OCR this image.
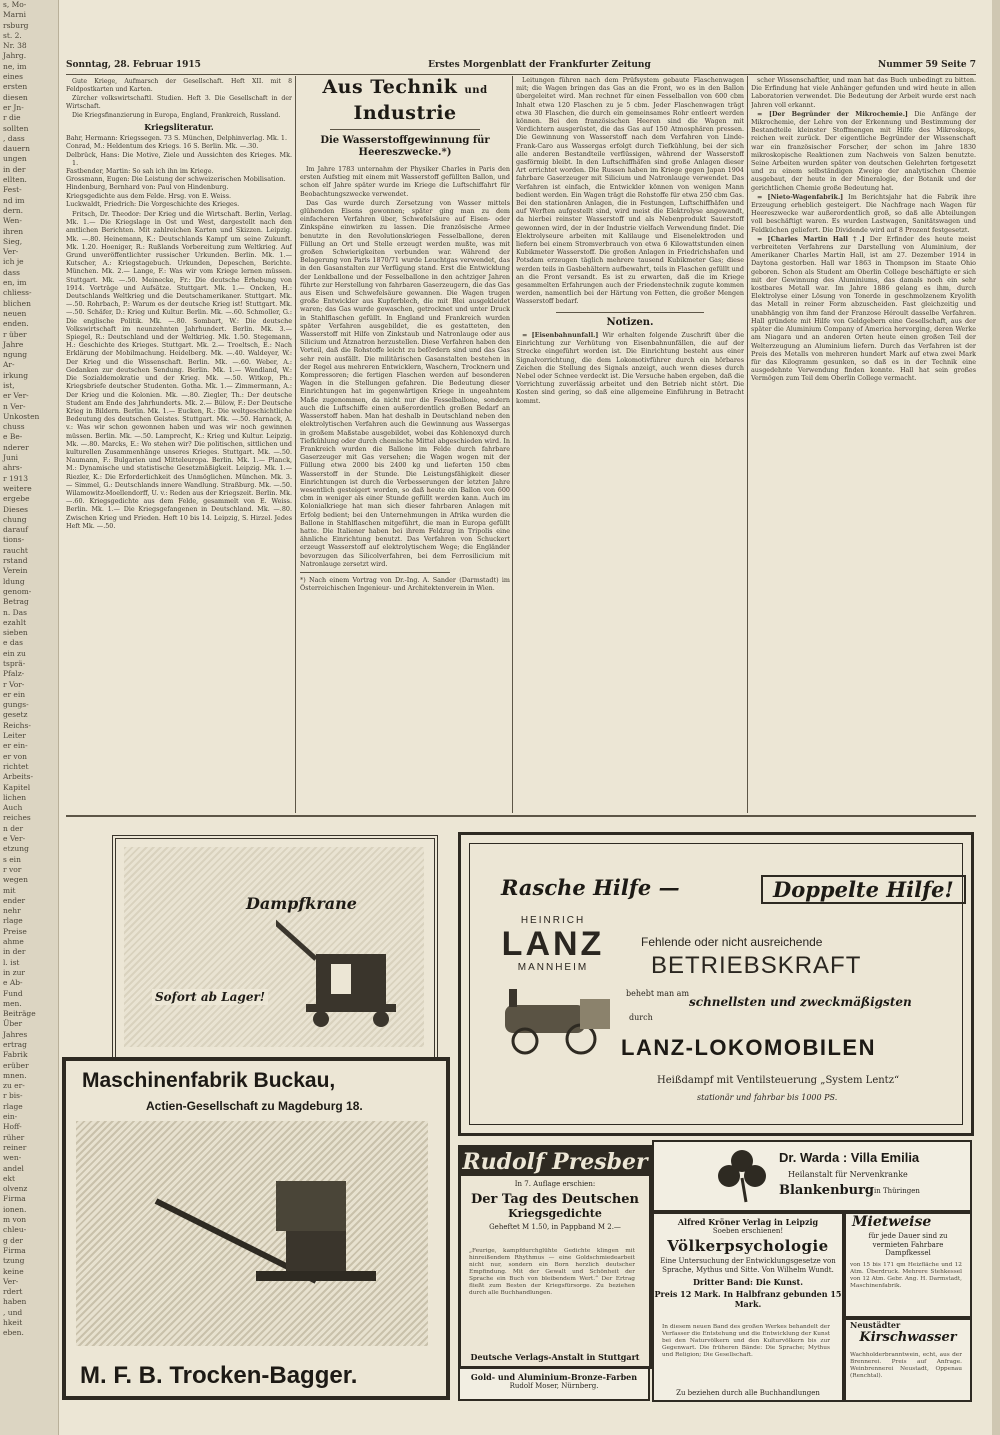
s, Mo-
Marni
rsburg
st. 2.
Nr. 38
Jahrg.
ne, im
eines
ersten
diesen
er Jn-
r die
sollten
, dass
dauern
ungen
in der
ellten.
Fest-
nd im
dern.
Wen-
ihren
Sieg,
Ver-
ich je
dass
en, im
chliess-
blichen
neuen
enden.
r über
Jahre
ngung
Ar-
irkung
ist,
er Ver-
n Ver-
Unkosten
chuss
e Be-
nderer
Juni
ahrs-
r 1913
weitere
ergebe
Dieses
chung
darauf
tions-
raucht
rstand
Verein
ldung
genom-
Betrag
n. Das
ezahlt
sieben
e das
ein zu
tsprä-
Pfalz-
r Vor-
er ein
gungs-
gesetz
Reichs-
Leiter
er ein-
er von
richtet
Arbeits-
Kapitel
lichen
Auch
reiches
n der
e Ver-
etzung
s ein
r vor
wegen
mit
ender
nehr
rlage
Preise
ahme
in der
l. ist
in zur
e Ab-
Fund
men.
Beiträge
Über
Jahres
ertrag
Fabrik
erüber
mnen.
zu er-
r bis-
rlage
ein-
Hoff-
rüher
reiner
wen-
andel
ekt
olvenz
Firma
ionen.
m von
chleu-
g der
Firma
tzung
keine
Ver-
rdert
haben
, und
hkeit
eben.
Sonntag, 28. Februar 1915	Erstes Morgenblatt der Frankfurter Zeitung	Nummer 59 Seite 7

Gute Kriege, Aufmarsch der Gesellschaft. Heft XII. mit 8 Feldpostkarten und Karten.

Zürcher volkswirtschaftl. Studien. Heft 3. Die Gesellschaft in der Wirtschaft.

Die Kriegsfinanzierung in Europa, England, Frankreich, Russland.

Kriegsliteratur.
Bahr, Hermann: Kriegssegen. 73 S. München, Delphinverlag. Mk. 1.
Conrad, M.: Heldentum des Kriegs. 16 S. Berlin. Mk. —.30.
Delbrück, Hans: Die Motive, Ziele und Aussichten des Krieges. Mk. 1.
Fastbender, Martin: So sah ich ihn im Kriege.
Grossmann, Eugen: Die Leistung der schweizerischen Mobilisation.
Hindenburg, Bernhard von: Paul von Hindenburg.
Kriegsgedichte aus dem Felde. Hrsg. von E. Weiss.
Luckwaldt, Friedrich: Die Vorgeschichte des Krieges.

Fritsch, Dr. Theodor: Der Krieg und die Wirtschaft. Berlin, Verlag. Mk. 1.— Die Kriegslage in Ost und West, dargestellt nach den amtlichen Berichten. Mit zahlreichen Karten und Skizzen. Leipzig. Mk. —.80. Heinemann, K.: Deutschlands Kampf um seine Zukunft. Mk. 1.20. Hoeniger, R.: Rußlands Vorbereitung zum Weltkrieg. Auf Grund unveröffentlichter russischer Urkunden. Berlin. Mk. 1.— Kutscher, A.: Kriegstagebuch. Urkunden, Depeschen, Berichte. München. Mk. 2.— Lange, F.: Was wir vom Kriege lernen müssen. Stuttgart. Mk. —.50. Meinecke, Fr.: Die deutsche Erhebung von 1914. Vorträge und Aufsätze. Stuttgart. Mk. 1.— Oncken, H.: Deutschlands Weltkrieg und die Deutschamerikaner. Stuttgart. Mk. —.50. Rohrbach, P.: Warum es der deutsche Krieg ist! Stuttgart. Mk. —.50. Schäfer, D.: Krieg und Kultur. Berlin. Mk. —.60. Schmoller, G.: Die englische Politik. Mk. —.80. Sombart, W.: Die deutsche Volkswirtschaft im neunzehnten Jahrhundert. Berlin. Mk. 3.— Spiegel, R.: Deutschland und der Weltkrieg. Mk. 1.50. Stegemann, H.: Geschichte des Krieges. Stuttgart. Mk. 2.— Troeltsch, E.: Nach Erklärung der Mobilmachung. Heidelberg. Mk. —.40. Waldeyer, W.: Der Krieg und die Wissenschaft. Berlin. Mk. —.60. Weber, A.: Gedanken zur deutschen Sendung. Berlin. Mk. 1.— Wendland, W.: Die Sozialdemokratie und der Krieg. Mk. —.50. Witkop, Ph.: Kriegsbriefe deutscher Studenten. Gotha. Mk. 1.— Zimmermann, A.: Der Krieg und die Kolonien. Mk. —.80. Ziegler, Th.: Der deutsche Student am Ende des Jahrhunderts. Mk. 2.— Bülow, F.: Der Deutsche Krieg in Bildern. Berlin. Mk. 1.— Eucken, R.: Die weltgeschichtliche Bedeutung des deutschen Geistes. Stuttgart. Mk. —.50. Harnack, A. v.: Was wir schon gewonnen haben und was wir noch gewinnen müssen. Berlin. Mk. —.50. Lamprecht, K.: Krieg und Kultur. Leipzig. Mk. —.80. Marcks, E.: Wo stehen wir? Die politischen, sittlichen und kulturellen Zusammenhänge unseres Krieges. Stuttgart. Mk. —.50. Naumann, F.: Bulgarien und Mitteleuropa. Berlin. Mk. 1.— Planck, M.: Dynamische und statistische Gesetzmäßigkeit. Leipzig. Mk. 1.— Riezler, K.: Die Erforderlichkeit des Unmöglichen. München. Mk. 3.— Simmel, G.: Deutschlands innere Wandlung. Straßburg. Mk. —.50. Wilamowitz-Moellendorff, U. v.: Reden aus der Kriegszeit. Berlin. Mk. —.60. Kriegsgedichte aus dem Felde, gesammelt von E. Weiss. Berlin. Mk. 1.— Die Kriegsgefangenen in Deutschland. Mk. —.80. Zwischen Krieg und Frieden. Heft 10 bis 14. Leipzig, S. Hirzel. Jedes Heft Mk. —.50.

Aus Technik und Industrie
Die Wasserstoffgewinnung für Heereszwecke.*)

Im Jahre 1783 unternahm der Physiker Charles in Paris den ersten Aufstieg mit einem mit Wasserstoff gefüllten Ballon, und schon elf Jahre später wurde im Kriege die Luftschiffahrt für Beobachtungszwecke verwendet.

Das Gas wurde durch Zersetzung von Wasser mittels glühenden Eisens gewonnen; später ging man zu dem einfacheren Verfahren über, Schwefelsäure auf Eisen- oder Zinkspäne einwirken zu lassen. Die französische Armee benutzte in den Revolutionskriegen Fesselballone, deren Füllung an Ort und Stelle erzeugt werden mußte, was mit großen Schwierigkeiten verbunden war. Während der Belagerung von Paris 1870/71 wurde Leuchtgas verwendet, das in den Gasanstalten zur Verfügung stand. Erst die Entwicklung der Lenkballone und der Fesselballone in den achtziger Jahren führte zur Herstellung von fahrbaren Gaserzeugern, die das Gas aus Eisen und Schwefelsäure gewannen. Die Wagen trugen große Entwickler aus Kupferblech, die mit Blei ausgekleidet waren; das Gas wurde gewaschen, getrocknet und unter Druck in Stahlflaschen gefüllt. In England und Frankreich wurden später Verfahren ausgebildet, die es gestatteten, den Wasserstoff mit Hilfe von Zinkstaub und Natronlauge oder aus Silicium und Ätznatron herzustellen. Diese Verfahren haben den Vorteil, daß die Rohstoffe leicht zu befördern sind und das Gas sehr rein ausfällt. Die militärischen Gasanstalten bestehen in der Regel aus mehreren Entwicklern, Waschern, Trocknern und Kompressoren; die fertigen Flaschen werden auf besonderen Wagen in die Stellungen gefahren. Die Bedeutung dieser Einrichtungen hat im gegenwärtigen Kriege in ungeahntem Maße zugenommen, da nicht nur die Fesselballone, sondern auch die Luftschiffe einen außerordentlich großen Bedarf an Wasserstoff haben. Man hat deshalb in Deutschland neben den elektrolytischen Verfahren auch die Gewinnung aus Wassergas in großem Maßstabe ausgebildet, wobei das Kohlenoxyd durch Tiefkühlung oder durch chemische Mittel abgeschieden wird. In Frankreich wurden die Ballone im Felde durch fahrbare Gaserzeuger mit Gas versehen; die Wagen wogen mit der Füllung etwa 2000 bis 2400 kg und lieferten 150 cbm Wasserstoff in der Stunde. Die Leistungsfähigkeit dieser Einrichtungen ist durch die Verbesserungen der letzten Jahre wesentlich gesteigert worden, so daß heute ein Ballon von 600 cbm in weniger als einer Stunde gefüllt werden kann. Auch im Kolonialkriege hat man sich dieser fahrbaren Anlagen mit Erfolg bedient; bei den Unternehmungen in Afrika wurden die Ballone in Stahlflaschen mitgeführt, die man in Europa gefüllt hatte. Die Italiener haben bei ihrem Feldzug in Tripolis eine ähnliche Einrichtung benutzt. Das Verfahren von Schuckert erzeugt Wasserstoff auf elektrolytischem Wege; die Engländer bevorzugen das Silicolverfahren, bei dem Ferrosilicium mit Natronlauge zersetzt wird.

*) Nach einem Vortrag von Dr.-Ing. A. Sander (Darmstadt) im Österreichischen Ingenieur- und Architektenverein in Wien.

Leitungen führen nach dem Prüfsystem gebaute Flaschenwagen mit; die Wagen bringen das Gas an die Front, wo es in den Ballon übergeleitet wird. Man rechnet für einen Fesselballon von 600 cbm Inhalt etwa 120 Flaschen zu je 5 cbm. Jeder Flaschenwagen trägt etwa 30 Flaschen, die durch ein gemeinsames Rohr entleert werden können. Bei den französischen Heeren sind die Wagen mit Verdichtern ausgerüstet, die das Gas auf 150 Atmosphären pressen. Die Gewinnung von Wasserstoff nach dem Verfahren von Linde-Frank-Caro aus Wassergas erfolgt durch Tiefkühlung, bei der sich alle anderen Bestandteile verflüssigen, während der Wasserstoff gasförmig bleibt. In den Luftschiffhäfen sind große Anlagen dieser Art errichtet worden. Die Russen haben im Kriege gegen Japan 1904 fahrbare Gaserzeuger mit Silicium und Natronlauge verwendet. Das Verfahren ist einfach, die Entwickler können von wenigen Mann bedient werden. Ein Wagen trägt die Rohstoffe für etwa 250 cbm Gas. Bei den stationären Anlagen, die in Festungen, Luftschiffhäfen und auf Werften aufgestellt sind, wird meist die Elektrolyse angewandt, da hierbei reinster Wasserstoff und als Nebenprodukt Sauerstoff gewonnen wird, der in der Industrie vielfach Verwendung findet. Die Elektrolyseure arbeiten mit Kalilauge und Eisenelektroden und liefern bei einem Stromverbrauch von etwa 6 Kilowattstunden einen Kubikmeter Wasserstoff. Die großen Anlagen in Friedrichshafen und Potsdam erzeugen täglich mehrere tausend Kubikmeter Gas; diese werden teils in Gasbehältern aufbewahrt, teils in Flaschen gefüllt und an die Front versandt. Es ist zu erwarten, daß die im Kriege gesammelten Erfahrungen auch der Friedenstechnik zugute kommen werden, namentlich bei der Härtung von Fetten, die großer Mengen Wasserstoff bedarf.

Notizen.

= [Eisenbahnunfall.] Wir erhalten folgende Zuschrift über die Einrichtung zur Verhütung von Eisenbahnunfällen, die auf der Strecke eingeführt worden ist. Die Einrichtung besteht aus einer Signalvorrichtung, die dem Lokomotivführer durch ein hörbares Zeichen die Stellung des Signals anzeigt, auch wenn dieses durch Nebel oder Schnee verdeckt ist. Die Versuche haben ergeben, daß die Vorrichtung zuverlässig arbeitet und den Betrieb nicht stört. Die Kosten sind gering, so daß eine allgemeine Einführung in Betracht kommt.

scher Wissenschaftler, und man hat das Buch unbedingt zu bitten. Die Erfindung hat viele Anhänger gefunden und wird heute in allen Laboratorien verwendet. Die Bedeutung der Arbeit wurde erst nach Jahren voll erkannt.

= [Der Begründer der Mikrochemie.] Die Anfänge der Mikrochemie, der Lehre von der Erkennung und Bestimmung der Bestandteile kleinster Stoffmengen mit Hilfe des Mikroskops, reichen weit zurück. Der eigentliche Begründer der Wissenschaft war ein französischer Forscher, der schon im Jahre 1830 mikroskopische Reaktionen zum Nachweis von Salzen benutzte. Seine Arbeiten wurden später von deutschen Gelehrten fortgesetzt und zu einem selbständigen Zweige der analytischen Chemie ausgebaut, der heute in der Mineralogie, der Botanik und der gerichtlichen Chemie große Bedeutung hat.

= [Nieto-Wagenfabrik.] Im Berichtsjahr hat die Fabrik ihre Erzeugung erheblich gesteigert. Die Nachfrage nach Wagen für Heereszwecke war außerordentlich groß, so daß alle Abteilungen voll beschäftigt waren. Es wurden Lastwagen, Sanitätswagen und Feldküchen geliefert. Die Dividende wird auf 8 Prozent festgesetzt.

= [Charles Martin Hall †.] Der Erfinder des heute meist verbreiteten Verfahrens zur Darstellung von Aluminium, der Amerikaner Charles Martin Hall, ist am 27. Dezember 1914 in Daytona gestorben. Hall war 1863 in Thompson im Staate Ohio geboren. Schon als Student am Oberlin College beschäftigte er sich mit der Gewinnung des Aluminiums, das damals noch ein sehr kostbares Metall war. Im Jahre 1886 gelang es ihm, durch Elektrolyse einer Lösung von Tonerde in geschmolzenem Kryolith das Metall in reiner Form abzuscheiden. Fast gleichzeitig und unabhängig von ihm fand der Franzose Héroult dasselbe Verfahren. Hall gründete mit Hilfe von Geldgebern eine Gesellschaft, aus der später die Aluminium Company of America hervorging, deren Werke am Niagara und an anderen Orten heute einen großen Teil der Welterzeugung an Aluminium liefern. Durch das Verfahren ist der Preis des Metalls von mehreren hundert Mark auf etwa zwei Mark für das Kilogramm gesunken, so daß es in der Technik eine ausgedehnte Verwendung finden konnte. Hall hat sein großes Vermögen zum Teil dem Oberlin College vermacht.

Dampfkrane
Sofort ab Lager!
Rasche Hilfe —	Doppelte Hilfe!
HEINRICH
LANZ
MANNHEIM
Fehlende oder nicht ausreichende
BETRIEBSKRAFT
behebt man am
schnellsten und zweckmäßigsten
durch
LANZ-LOKOMOBILEN
Heißdampf mit Ventilsteuerung „System Lentz“
stationär und fahrbar bis 1000 PS.
Maschinenfabrik Buckau,
Actien-Gesellschaft zu Magdeburg 18.
M. F. B. Trocken-Bagger.
Rudolf Presber
In 7. Auflage erschien:
Der Tag des Deutschen
Kriegsgedichte
Geheftet M 1.50, in Pappband M 2.—
„Feurige, kampfdurchglühte Gedichte klingen mit hinreißendem Rhythmus — eine Goldschmiedearbeit nicht nur, sondern ein Born herzlich deutscher Empfindung. Mit der Gewalt und Schönheit der Sprache ein Buch von bleibendem Wert.“ Der Ertrag fließt zum Besten der Kriegsfürsorge. Zu beziehen durch alle Buchhandlungen.
Deutsche Verlags-Anstalt in Stuttgart
Gold- und Aluminium-Bronze-Farben
Rudolf Moser, Nürnberg.
Dr. Warda : Villa Emilia
Heilanstalt für Nervenkranke
Blankenburg in Thüringen
Alfred Kröner Verlag in Leipzig
Soeben erschienen!
Völkerpsychologie
Eine Untersuchung der Entwicklungsgesetze von Sprache, Mythus und Sitte. Von Wilhelm Wundt.
Dritter Band: Die Kunst.
Preis 12 Mark. In Halbfranz gebunden 15 Mark.
In diesem neuen Band des großen Werkes behandelt der Verfasser die Entstehung und die Entwicklung der Kunst bei den Naturvölkern und den Kulturvölkern bis zur Gegenwart. Die früheren Bände: Die Sprache; Mythus und Religion; Die Gesellschaft.
Zu beziehen durch alle Buchhandlungen
Mietweise
für jede Dauer sind zu vermieten Fahrbare Dampfkessel
von 15 bis 171 qm Heizfläche und 12 Atm. Überdruck. Mehrere Stehkessel von 12 Atm. Gebr. Ang. H. Darmstadt, Maschinenfabrik.
Neustädter
Kirschwasser
Wachholderbranntwein, echt, aus der Brennerei. Preis auf Anfrage. Weinbrennerei Neustadt, Oppenau (Renchtal).
